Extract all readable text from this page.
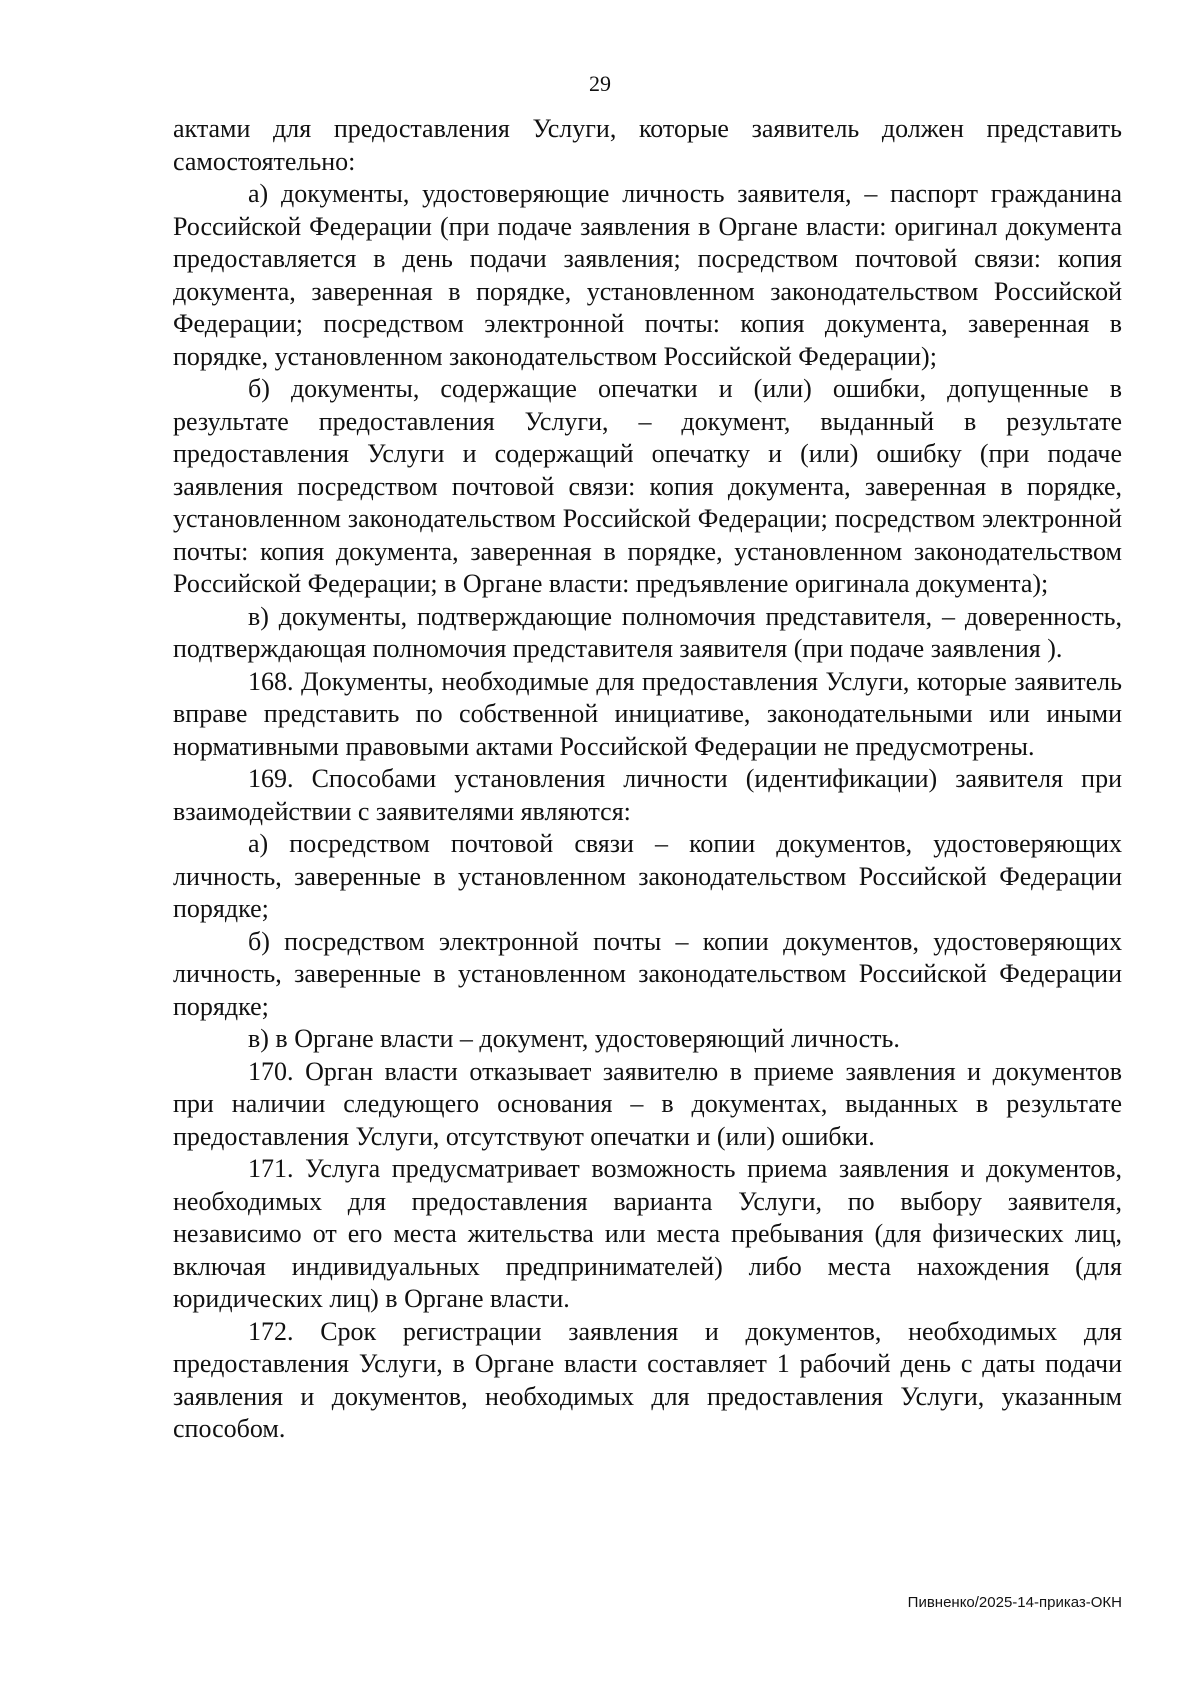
29

актами для предоставления Услуги, которые заявитель должен представить самостоятельно:

а) документы, удостоверяющие личность заявителя, – паспорт гражданина Российской Федерации (при подаче заявления в Органе власти: оригинал документа предоставляется в день подачи заявления; посредством почтовой связи: копия документа, заверенная в порядке, установленном законодательством Российской Федерации; посредством электронной почты: копия документа, заверенная в порядке, установленном законодательством Российской Федерации);

б) документы, содержащие опечатки и (или) ошибки, допущенные в результате предоставления Услуги, – документ, выданный в результате предоставления Услуги и содержащий опечатку и (или) ошибку (при подаче заявления посредством почтовой связи: копия документа, заверенная в порядке, установленном законодательством Российской Федерации; посредством электронной почты: копия документа, заверенная в порядке, установленном законодательством Российской Федерации; в Органе власти: предъявление оригинала документа);

в) документы, подтверждающие полномочия представителя, – доверенность, подтверждающая полномочия представителя заявителя (при подаче заявления ).

168. Документы, необходимые для предоставления Услуги, которые заявитель вправе представить по собственной инициативе, законодательными или иными нормативными правовыми актами Российской Федерации не предусмотрены.

169. Способами установления личности (идентификации) заявителя при взаимодействии с заявителями являются:

а) посредством почтовой связи – копии документов, удостоверяющих личность, заверенные в установленном законодательством Российской Федерации порядке;

б) посредством электронной почты – копии документов, удостоверяющих личность, заверенные в установленном законодательством Российской Федерации порядке;

в) в Органе власти – документ, удостоверяющий личность.

170. Орган власти отказывает заявителю в приеме заявления и документов при наличии следующего основания – в документах, выданных в результате предоставления Услуги, отсутствуют опечатки и (или) ошибки.

171. Услуга предусматривает возможность приема заявления и документов, необходимых для предоставления варианта Услуги, по выбору заявителя, независимо от его места жительства или места пребывания (для физических лиц, включая индивидуальных предпринимателей) либо места нахождения (для юридических лиц) в Органе власти.

172. Срок регистрации заявления и документов, необходимых для предоставления Услуги, в Органе власти составляет 1 рабочий день с даты подачи заявления и документов, необходимых для предоставления Услуги, указанным способом.

Пивненко/2025-14-приказ-ОКН
